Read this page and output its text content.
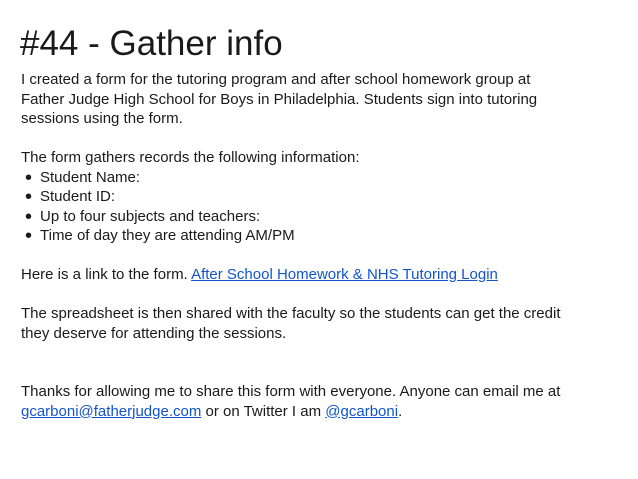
#44 - Gather info

I created a form for the tutoring program and after school homework group at

Father Judge High School for Boys in Philadelphia. Students sign into tutoring

sessions using the form.

The form gathers records the following information:

• Student Name:
• Student ID:
• Up to four subjects and teachers:
• Time of day they are attending AM/PM

Here is a link to the form. After School Homework & NHS Tutoring Login

The spreadsheet is then shared with the faculty so the students can get the credit

they deserve for attending the sessions.

Thanks for allowing me to share this form with everyone. Anyone can email me at

gcarboni@fatherjudge.com or on Twitter I am @gcarboni.
